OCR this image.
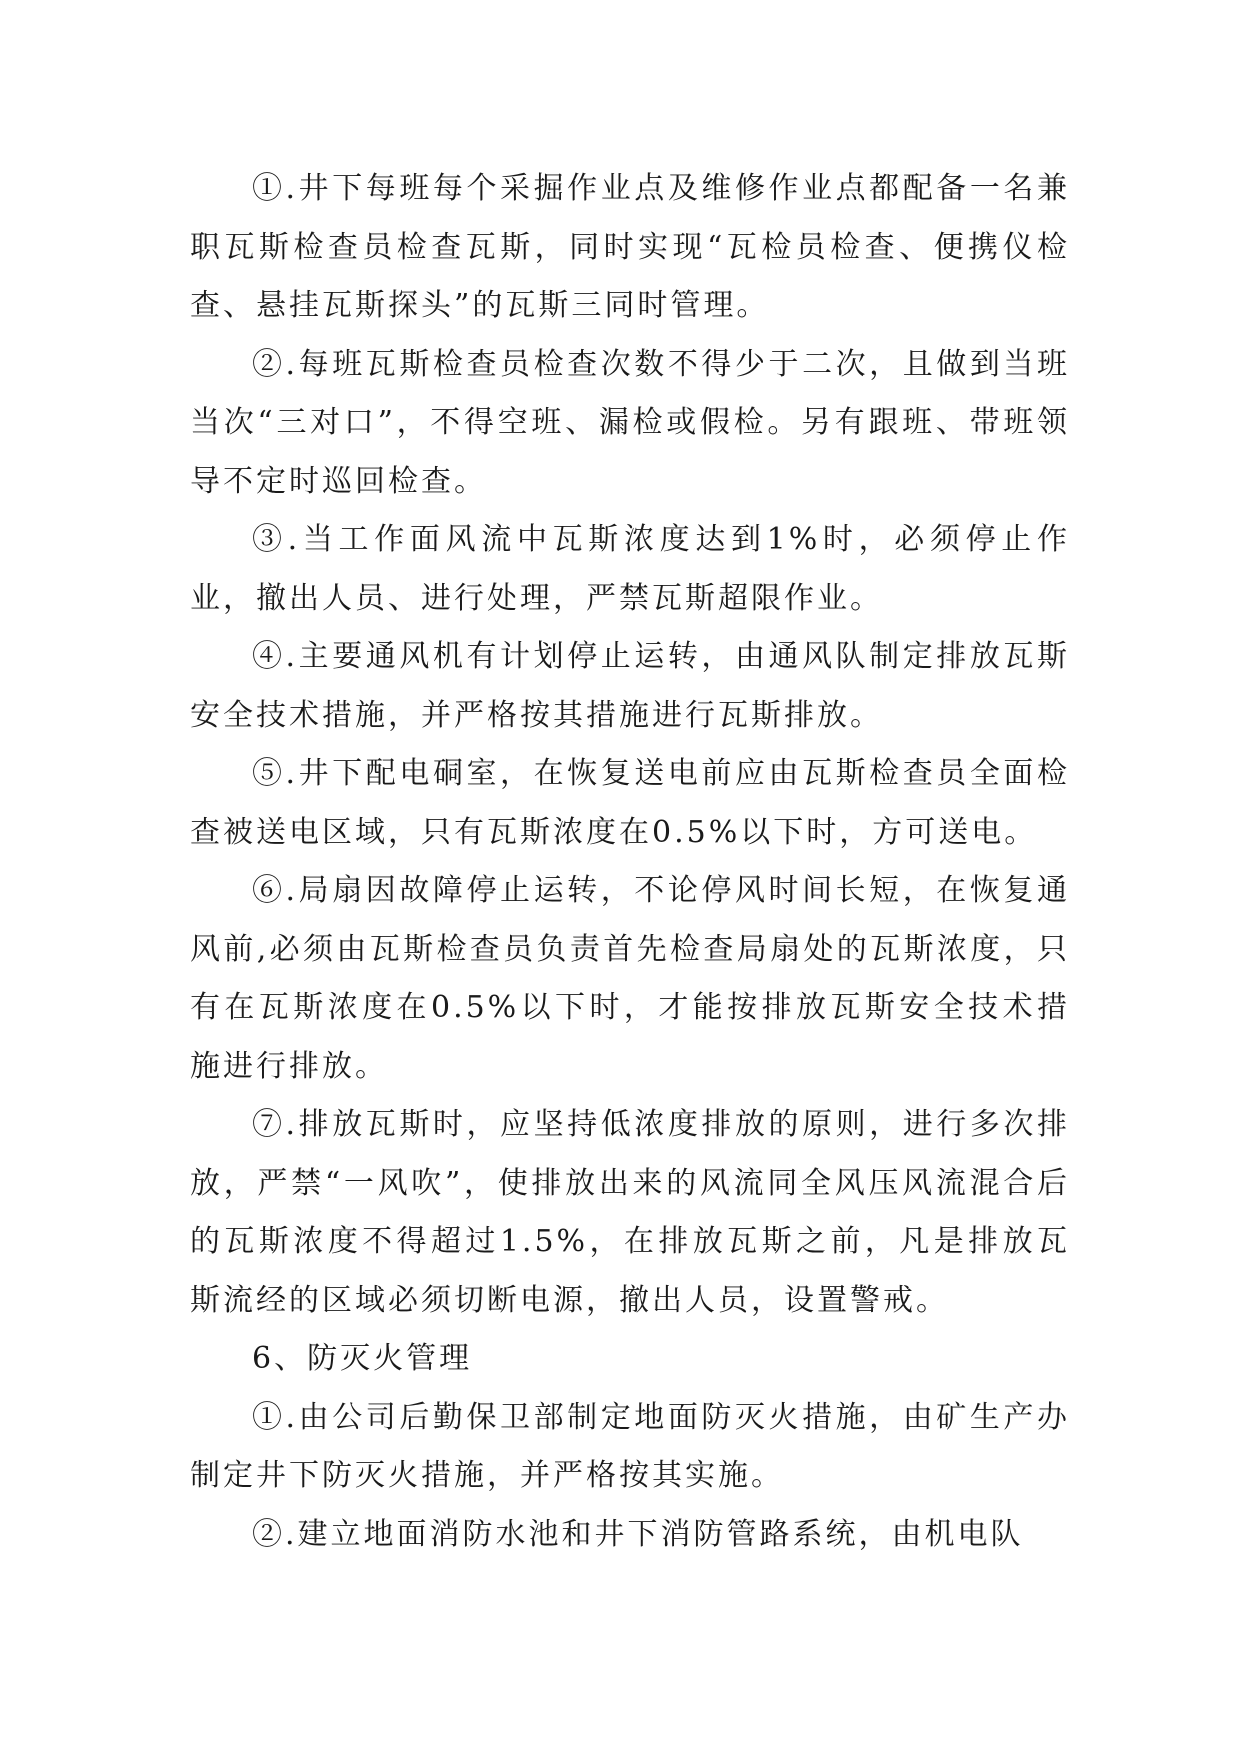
①.井下每班每个采掘作业点及维修作业点都配备一名兼职瓦斯检查员检查瓦斯，同时实现“瓦检员检查、便携仪检查、悬挂瓦斯探头”的瓦斯三同时管理。

②.每班瓦斯检查员检查次数不得少于二次，且做到当班当次“三对口”，不得空班、漏检或假检。另有跟班、带班领导不定时巡回检查。

③.当工作面风流中瓦斯浓度达到1%时，必须停止作业，撤出人员、进行处理，严禁瓦斯超限作业。

④.主要通风机有计划停止运转，由通风队制定排放瓦斯安全技术措施，并严格按其措施进行瓦斯排放。

⑤.井下配电硐室，在恢复送电前应由瓦斯检查员全面检查被送电区域，只有瓦斯浓度在0.5%以下时，方可送电。

⑥.局扇因故障停止运转，不论停风时间长短，在恢复通风前,必须由瓦斯检查员负责首先检查局扇处的瓦斯浓度，只有在瓦斯浓度在0.5%以下时，才能按排放瓦斯安全技术措施进行排放。

⑦.排放瓦斯时，应坚持低浓度排放的原则，进行多次排放，严禁“一风吹”，使排放出来的风流同全风压风流混合后的瓦斯浓度不得超过1.5%，在排放瓦斯之前，凡是排放瓦斯流经的区域必须切断电源，撤出人员，设置警戒。

6、防灭火管理

①.由公司后勤保卫部制定地面防灭火措施，由矿生产办制定井下防灭火措施，并严格按其实施。

②.建立地面消防水池和井下消防管路系统，由机电队
